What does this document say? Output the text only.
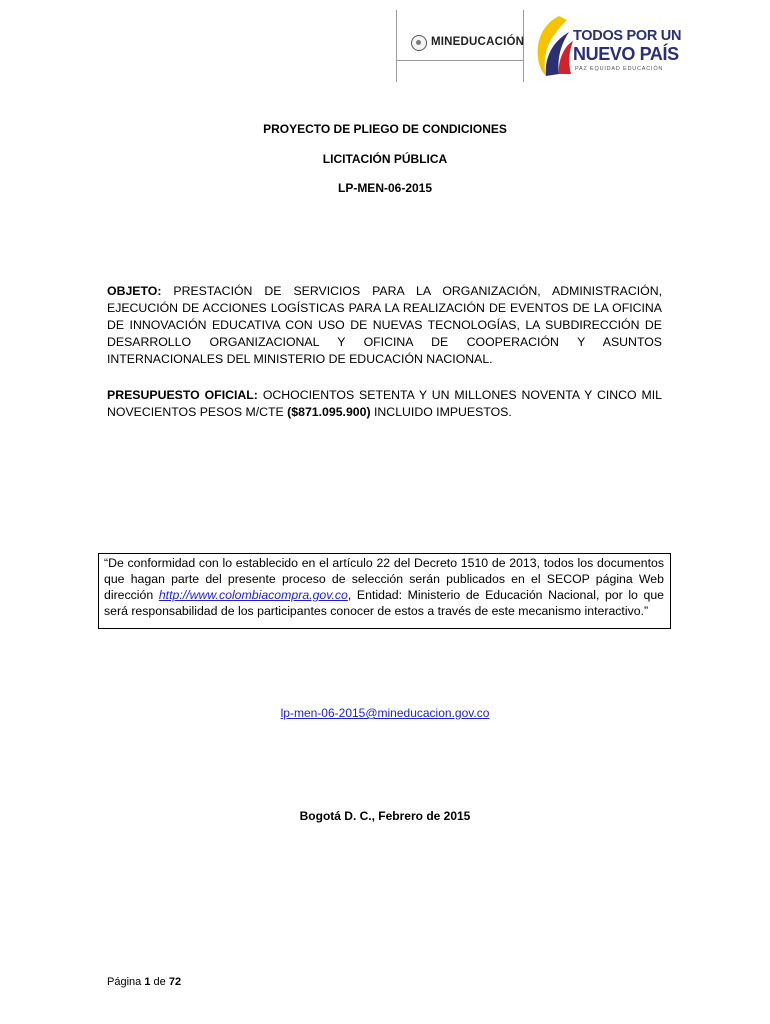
MINEDUCACIÓN	TODOS POR UN
NUEVO PAÍS
PAZ EQUIDAD EDUCACIÓN
PROYECTO DE PLIEGO DE CONDICIONES
LICITACIÓN PÚBLICA
LP-MEN-06-2015
OBJETO: PRESTACIÓN DE SERVICIOS PARA LA ORGANIZACIÓN, ADMINISTRACIÓN, EJECUCIÓN DE ACCIONES LOGÍSTICAS PARA LA REALIZACIÓN DE EVENTOS DE LA OFICINA DE INNOVACIÓN EDUCATIVA CON USO DE NUEVAS TECNOLOGÍAS, LA SUBDIRECCIÓN DE DESARROLLO ORGANIZACIONAL Y OFICINA DE COOPERACIÓN Y ASUNTOS INTERNACIONALES DEL MINISTERIO DE EDUCACIÓN NACIONAL.
PRESUPUESTO OFICIAL: OCHOCIENTOS SETENTA Y UN MILLONES NOVENTA Y CINCO MIL NOVECIENTOS PESOS M/CTE ($871.095.900) INCLUIDO IMPUESTOS.
“De conformidad con lo establecido en el artículo 22 del Decreto 1510 de 2013, todos los documentos que hagan parte del presente proceso de selección serán publicados en el SECOP página Web dirección http://www.colombiacompra.gov.co, Entidad: Ministerio de Educación Nacional, por lo que será responsabilidad de los participantes conocer de estos a través de este mecanismo interactivo.”
lp-men-06-2015@mineducacion.gov.co
Bogotá D. C., Febrero de 2015
Página 1 de 72
